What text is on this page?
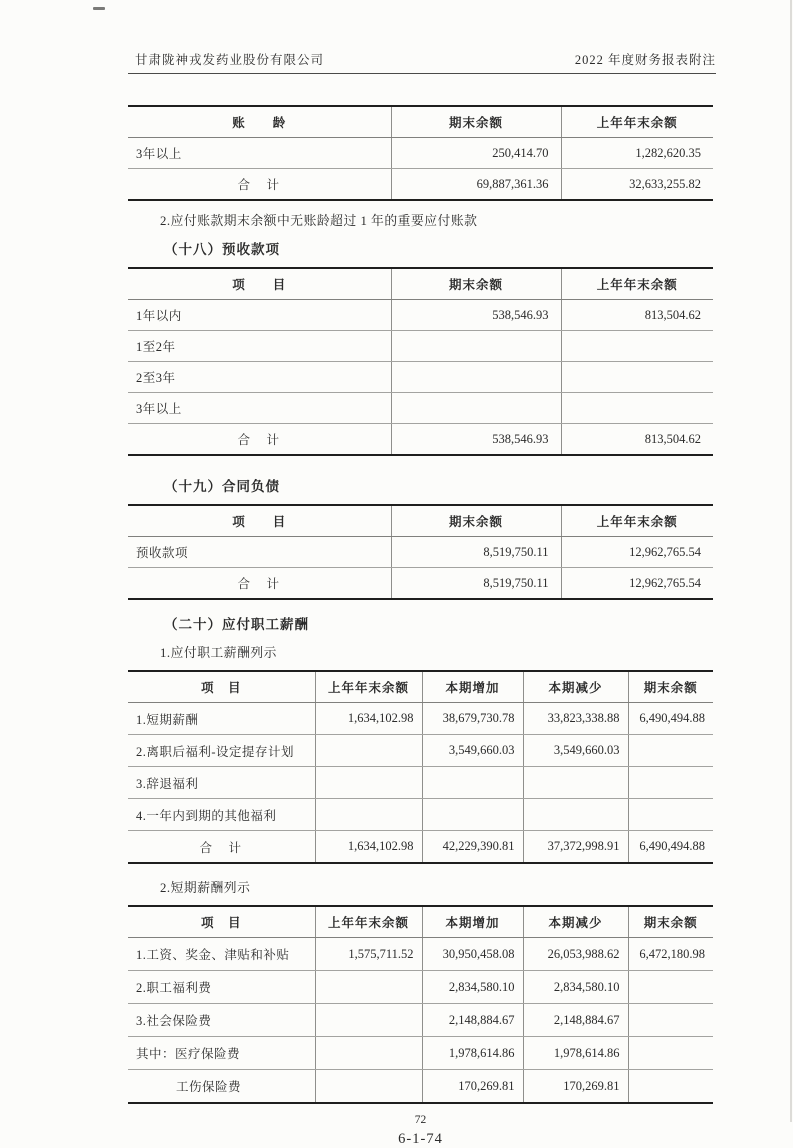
甘肃陇神戎发药业股份有限公司	2022 年度财务报表附注
账　　龄	期末余额	上年年末余额
3年以上	250,414.70	1,282,620.35
合　计	69,887,361.36	32,633,255.82
2.应付账款期末余额中无账龄超过 1 年的重要应付账款
（十八）预收款项
项　　目	期末余额	上年年末余额
1年以内	538,546.93	813,504.62
1至2年		
2至3年		
3年以上		
合　计	538,546.93	813,504.62
（十九）合同负债
项　　目	期末余额	上年年末余额
预收款项	8,519,750.11	12,962,765.54
合　计	8,519,750.11	12,962,765.54
（二十）应付职工薪酬
1.应付职工薪酬列示
项　目	上年年末余额	本期增加	本期减少	期末余额
1.短期薪酬	1,634,102.98	38,679,730.78	33,823,338.88	6,490,494.88
2.离职后福利-设定提存计划		3,549,660.03	3,549,660.03	
3.辞退福利				
4.一年内到期的其他福利				
合　计	1,634,102.98	42,229,390.81	37,372,998.91	6,490,494.88
2.短期薪酬列示
项　目	上年年末余额	本期增加	本期减少	期末余额
1.工资、奖金、津贴和补贴	1,575,711.52	30,950,458.08	26,053,988.62	6,472,180.98
2.职工福利费		2,834,580.10	2,834,580.10	
3.社会保险费		2,148,884.67	2,148,884.67	
其中：医疗保险费		1,978,614.86	1,978,614.86	
工伤保险费		170,269.81	170,269.81	
72
6-1-74
